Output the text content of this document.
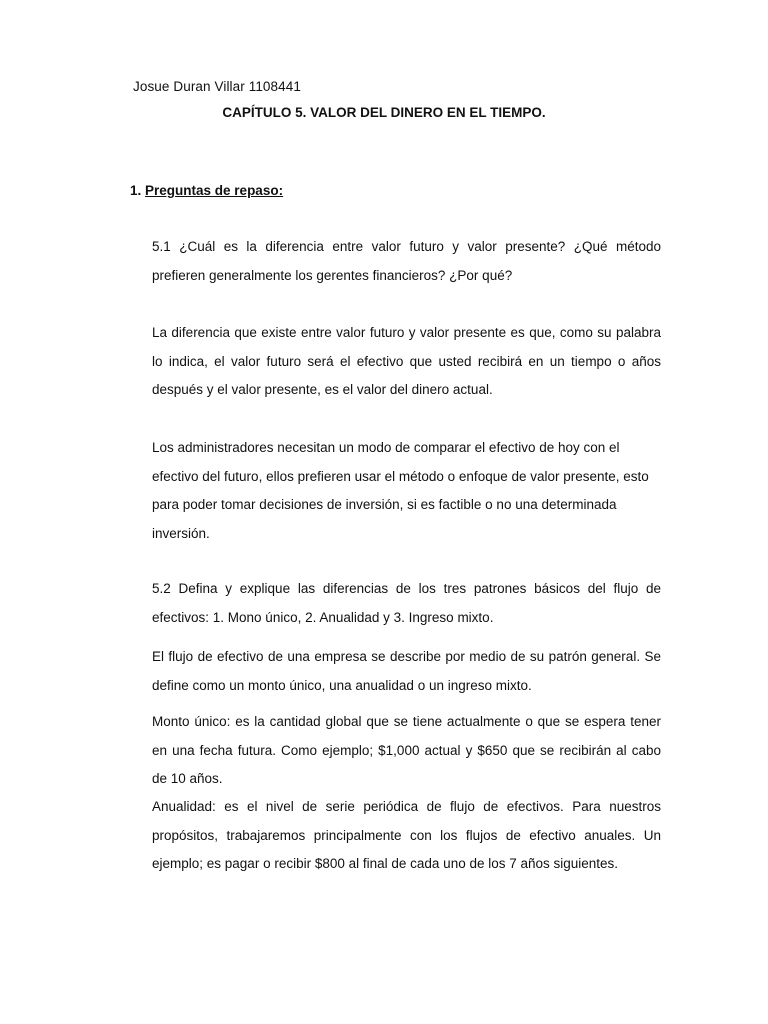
Josue Duran Villar 1108441
CAPÍTULO 5. VALOR DEL DINERO EN EL TIEMPO.
1. Preguntas de repaso:

5.1 ¿Cuál es la diferencia entre valor futuro y valor presente? ¿Qué método prefieren generalmente los gerentes financieros? ¿Por qué?

La diferencia que existe entre valor futuro y valor presente es que, como su palabra lo indica, el valor futuro será el efectivo que usted recibirá en un tiempo o años después y el valor presente, es el valor del dinero actual.

Los administradores necesitan un modo de comparar el efectivo de hoy con el efectivo del futuro, ellos prefieren usar el método o enfoque de valor presente, esto para poder tomar decisiones de inversión, si es factible o no una determinada inversión.

5.2 Defina y explique las diferencias de los tres patrones básicos del flujo de efectivos: 1. Mono único, 2. Anualidad y 3. Ingreso mixto.

El flujo de efectivo de una empresa se describe por medio de su patrón general. Se define como un monto único, una anualidad o un ingreso mixto.

Monto único: es la cantidad global que se tiene actualmente o que se espera tener en una fecha futura. Como ejemplo; $1,000 actual y $650 que se recibirán al cabo de 10 años.

Anualidad: es el nivel de serie periódica de flujo de efectivos. Para nuestros propósitos, trabajaremos principalmente con los flujos de efectivo anuales. Un ejemplo; es pagar o recibir $800 al final de cada uno de los 7 años siguientes.
